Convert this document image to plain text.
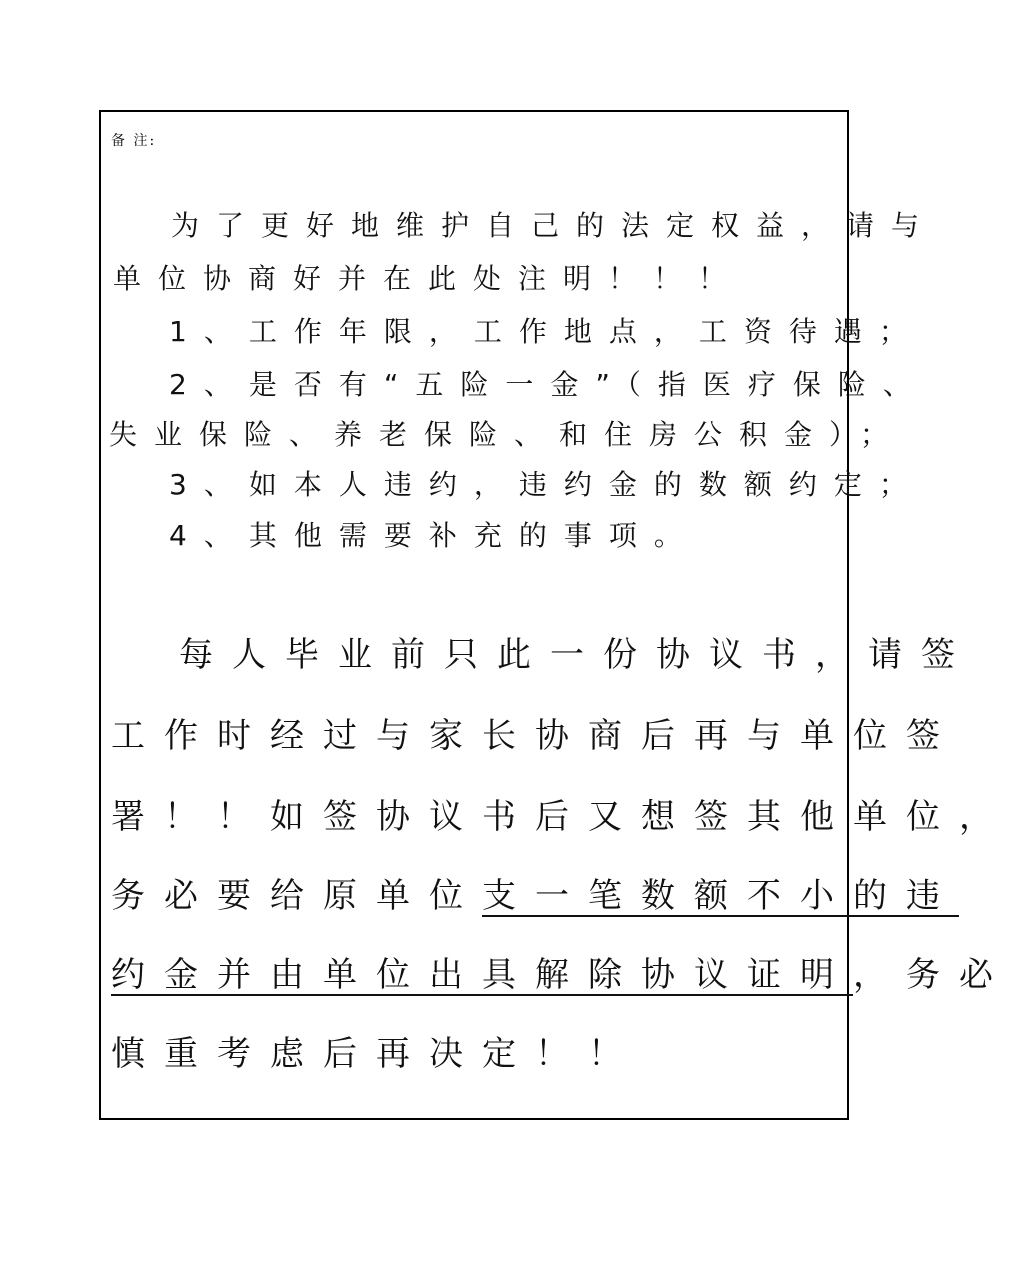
备 注:
为了更好地维护自己的法定权益，请与
单位协商好并在此处注明！！！
1、工作年限，工作地点，工资待遇；
2、是否有“五险一金”（指医疗保险、
失业保险、养老保险、和住房公积金）；
3、如本人违约，违约金的数额约定；
4、其他需要补充的事项。
每人毕业前只此一份协议书，请签
工作时经过与家长协商后再与单位签
署！！如签协议书后又想签其他单位，
务必要给原单位支一笔数额不小的违
约金并由单位出具解除协议证明，务必
慎重考虑后再决定！！
